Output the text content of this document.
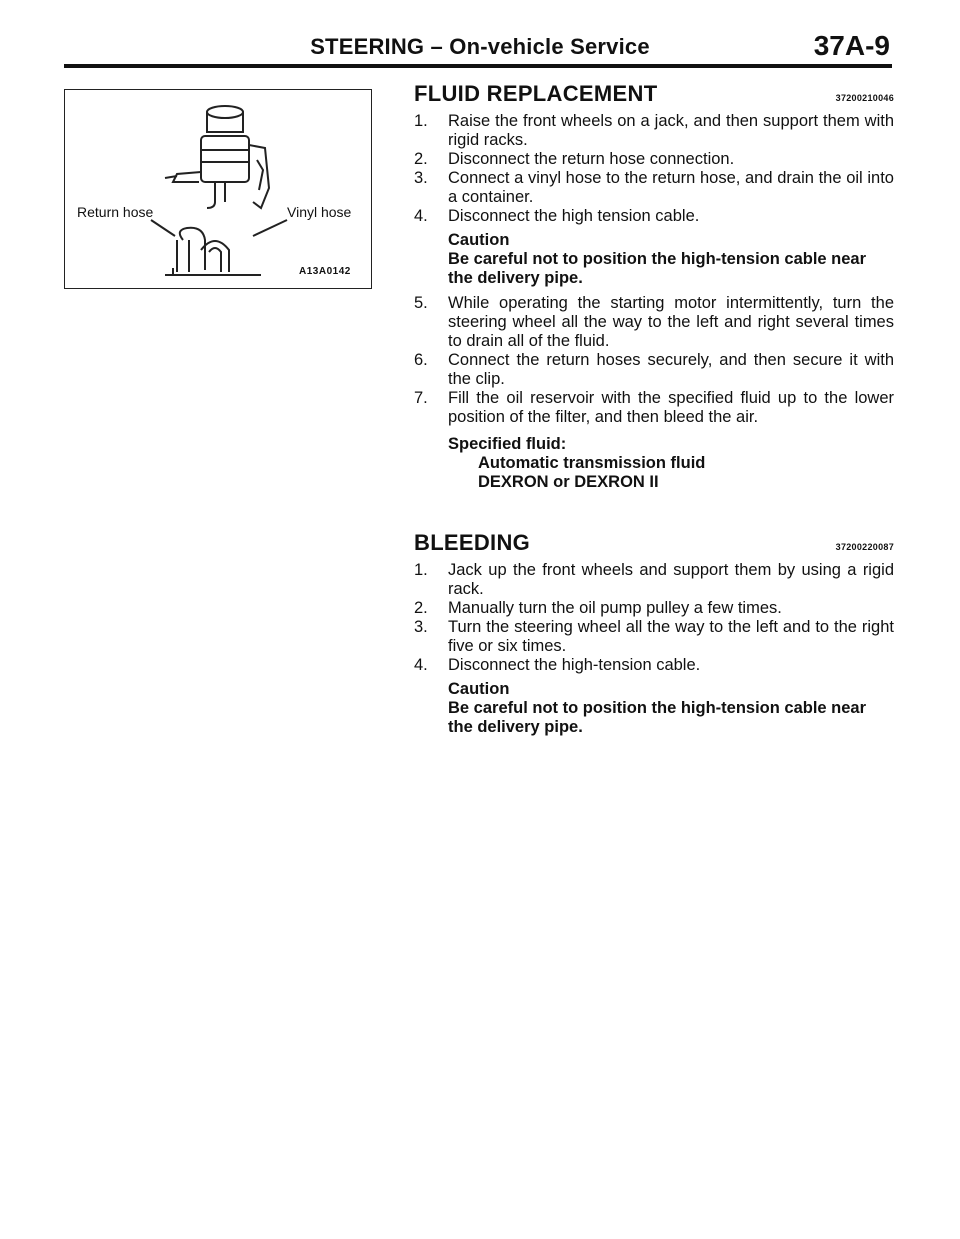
STEERING – On-vehicle Service	37A-9
Return hose	Vinyl hose
A13A0142
FLUID REPLACEMENT	37200210046
1.	Raise the front wheels on a jack, and then support them with rigid racks.
2.	Disconnect the return hose connection.
3.	Connect a vinyl hose to the return hose, and drain the oil into a container.
4.	Disconnect the high tension cable.
Caution
Be careful not to position the high-tension cable near the delivery pipe.
5.	While operating the starting motor intermittently, turn the steering wheel all the way to the left and right several times to drain all of the fluid.
6.	Connect the return hoses securely, and then secure it with the clip.
7.	Fill the oil reservoir with the specified fluid up to the lower position of the filter, and then bleed the air.
Specified fluid:
Automatic transmission fluid
DEXRON or DEXRON II
BLEEDING	37200220087
1.	Jack up the front wheels and support them by using a rigid rack.
2.	Manually turn the oil pump pulley a few times.
3.	Turn the steering wheel all the way to the left and to the right five or six times.
4.	Disconnect the high-tension cable.
Caution
Be careful not to position the high-tension cable near the delivery pipe.
